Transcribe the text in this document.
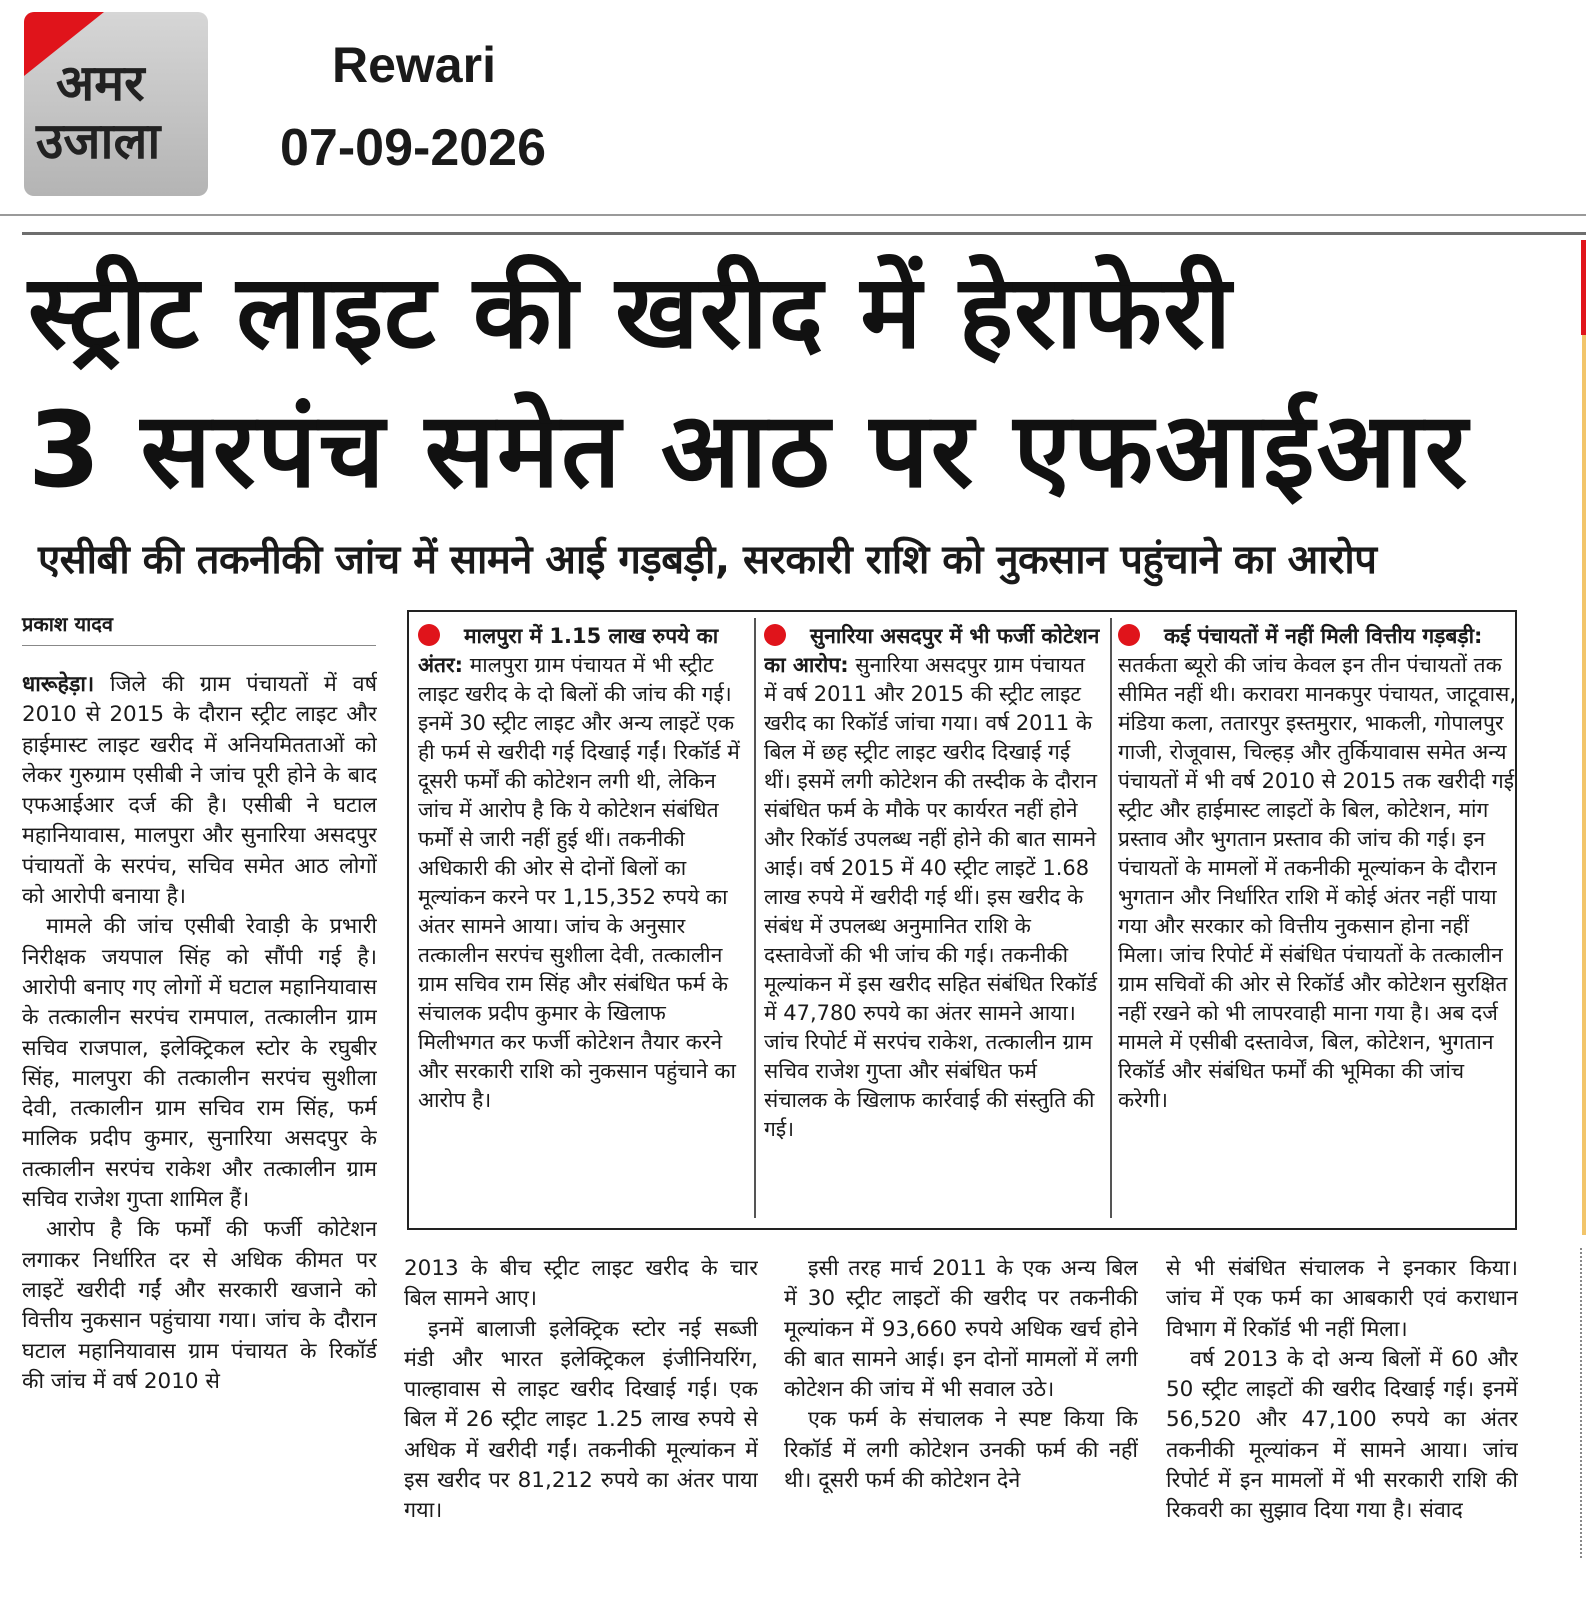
अमर
उजाला
Rewari
07-09-2026
स्ट्रीट लाइट की खरीद में हेराफेरी
3 सरपंच समेत आठ पर एफआईआर
एसीबी की तकनीकी जांच में सामने आई गड़बड़ी, सरकारी राशि को नुकसान पहुंचाने का आरोप
प्रकाश यादव

धारूहेड़ा। जिले की ग्राम पंचायतों में वर्ष 2010 से 2015 के दौरान स्ट्रीट लाइट और हाईमास्ट लाइट खरीद में अनियमितताओं को लेकर गुरुग्राम एसीबी ने जांच पूरी होने के बाद एफआईआर दर्ज की है। एसीबी ने घटाल महानियावास, मालपुरा और सुनारिया असदपुर पंचायतों के सरपंच, सचिव समेत आठ लोगों को आरोपी बनाया है।

मामले की जांच एसीबी रेवाड़ी के प्रभारी निरीक्षक जयपाल सिंह को सौंपी गई है। आरोपी बनाए गए लोगों में घटाल महानियावास के तत्कालीन सरपंच रामपाल, तत्कालीन ग्राम सचिव राजपाल, इलेक्ट्रिकल स्टोर के रघुबीर सिंह, मालपुरा की तत्कालीन सरपंच सुशीला देवी, तत्कालीन ग्राम सचिव राम सिंह, फर्म मालिक प्रदीप कुमार, सुनारिया असदपुर के तत्कालीन सरपंच राकेश और तत्कालीन ग्राम सचिव राजेश गुप्ता शामिल हैं।

आरोप है कि फर्मों की फर्जी कोटेशन लगाकर निर्धारित दर से अधिक कीमत पर लाइटें खरीदी गईं और सरकारी खजाने को वित्तीय नुकसान पहुंचाया गया। जांच के दौरान घटाल महानियावास ग्राम पंचायत के रिकॉर्ड की जांच में वर्ष 2010 से

मालपुरा में 1.15 लाख रुपये का अंतर: मालपुरा ग्राम पंचायत में भी स्ट्रीट लाइट खरीद के दो बिलों की जांच की गई। इनमें 30 स्ट्रीट लाइट और अन्य लाइटें एक ही फर्म से खरीदी गई दिखाई गईं। रिकॉर्ड में दूसरी फर्मों की कोटेशन लगी थी, लेकिन जांच में आरोप है कि ये कोटेशन संबंधित फर्मों से जारी नहीं हुई थीं। तकनीकी अधिकारी की ओर से दोनों बिलों का मूल्यांकन करने पर 1,15,352 रुपये का अंतर सामने आया। जांच के अनुसार तत्कालीन सरपंच सुशीला देवी, तत्कालीन ग्राम सचिव राम सिंह और संबंधित फर्म के संचालक प्रदीप कुमार के खिलाफ मिलीभगत कर फर्जी कोटेशन तैयार करने और सरकारी राशि को नुकसान पहुंचाने का आरोप है।
सुनारिया असदपुर में भी फर्जी कोटेशन का आरोप: सुनारिया असदपुर ग्राम पंचायत में वर्ष 2011 और 2015 की स्ट्रीट लाइट खरीद का रिकॉर्ड जांचा गया। वर्ष 2011 के बिल में छह स्ट्रीट लाइट खरीद दिखाई गई थीं। इसमें लगी कोटेशन की तस्दीक के दौरान संबंधित फर्म के मौके पर कार्यरत नहीं होने और रिकॉर्ड उपलब्ध नहीं होने की बात सामने आई। वर्ष 2015 में 40 स्ट्रीट लाइटें 1.68 लाख रुपये में खरीदी गई थीं। इस खरीद के संबंध में उपलब्ध अनुमानित राशि के दस्तावेजों की भी जांच की गई। तकनीकी मूल्यांकन में इस खरीद सहित संबंधित रिकॉर्ड में 47,780 रुपये का अंतर सामने आया। जांच रिपोर्ट में सरपंच राकेश, तत्कालीन ग्राम सचिव राजेश गुप्ता और संबंधित फर्म संचालक के खिलाफ कार्रवाई की संस्तुति की गई।
कई पंचायतों में नहीं मिली वित्तीय गड़बड़ी: सतर्कता ब्यूरो की जांच केवल इन तीन पंचायतों तक सीमित नहीं थी। करावरा मानकपुर पंचायत, जाटूवास, मंडिया कला, ततारपुर इस्तमुरार, भाकली, गोपालपुर गाजी, रोजूवास, चिल्हड़ और तुर्कियावास समेत अन्य पंचायतों में भी वर्ष 2010 से 2015 तक खरीदी गई स्ट्रीट और हाईमास्ट लाइटों के बिल, कोटेशन, मांग प्रस्ताव और भुगतान प्रस्ताव की जांच की गई। इन पंचायतों के मामलों में तकनीकी मूल्यांकन के दौरान भुगतान और निर्धारित राशि में कोई अंतर नहीं पाया गया और सरकार को वित्तीय नुकसान होना नहीं मिला। जांच रिपोर्ट में संबंधित पंचायतों के तत्कालीन ग्राम सचिवों की ओर से रिकॉर्ड और कोटेशन सुरक्षित नहीं रखने को भी लापरवाही माना गया है। अब दर्ज मामले में एसीबी दस्तावेज, बिल, कोटेशन, भुगतान रिकॉर्ड और संबंधित फर्मों की भूमिका की जांच करेगी।

2013 के बीच स्ट्रीट लाइट खरीद के चार बिल सामने आए।

इनमें बालाजी इलेक्ट्रिक स्टोर नई सब्जी मंडी और भारत इलेक्ट्रिकल इंजीनियरिंग, पाल्हावास से लाइट खरीद दिखाई गई। एक बिल में 26 स्ट्रीट लाइट 1.25 लाख रुपये से अधिक में खरीदी गईं। तकनीकी मूल्यांकन में इस खरीद पर 81,212 रुपये का अंतर पाया गया।

इसी तरह मार्च 2011 के एक अन्य बिल में 30 स्ट्रीट लाइटों की खरीद पर तकनीकी मूल्यांकन में 93,660 रुपये अधिक खर्च होने की बात सामने आई। इन दोनों मामलों में लगी कोटेशन की जांच में भी सवाल उठे।

एक फर्म के संचालक ने स्पष्ट किया कि रिकॉर्ड में लगी कोटेशन उनकी फर्म की नहीं थी। दूसरी फर्म की कोटेशन देने

से भी संबंधित संचालक ने इनकार किया। जांच में एक फर्म का आबकारी एवं कराधान विभाग में रिकॉर्ड भी नहीं मिला।

वर्ष 2013 के दो अन्य बिलों में 60 और 50 स्ट्रीट लाइटों की खरीद दिखाई गई। इनमें 56,520 और 47,100 रुपये का अंतर तकनीकी मूल्यांकन में सामने आया। जांच रिपोर्ट में इन मामलों में भी सरकारी राशि की रिकवरी का सुझाव दिया गया है। संवाद
